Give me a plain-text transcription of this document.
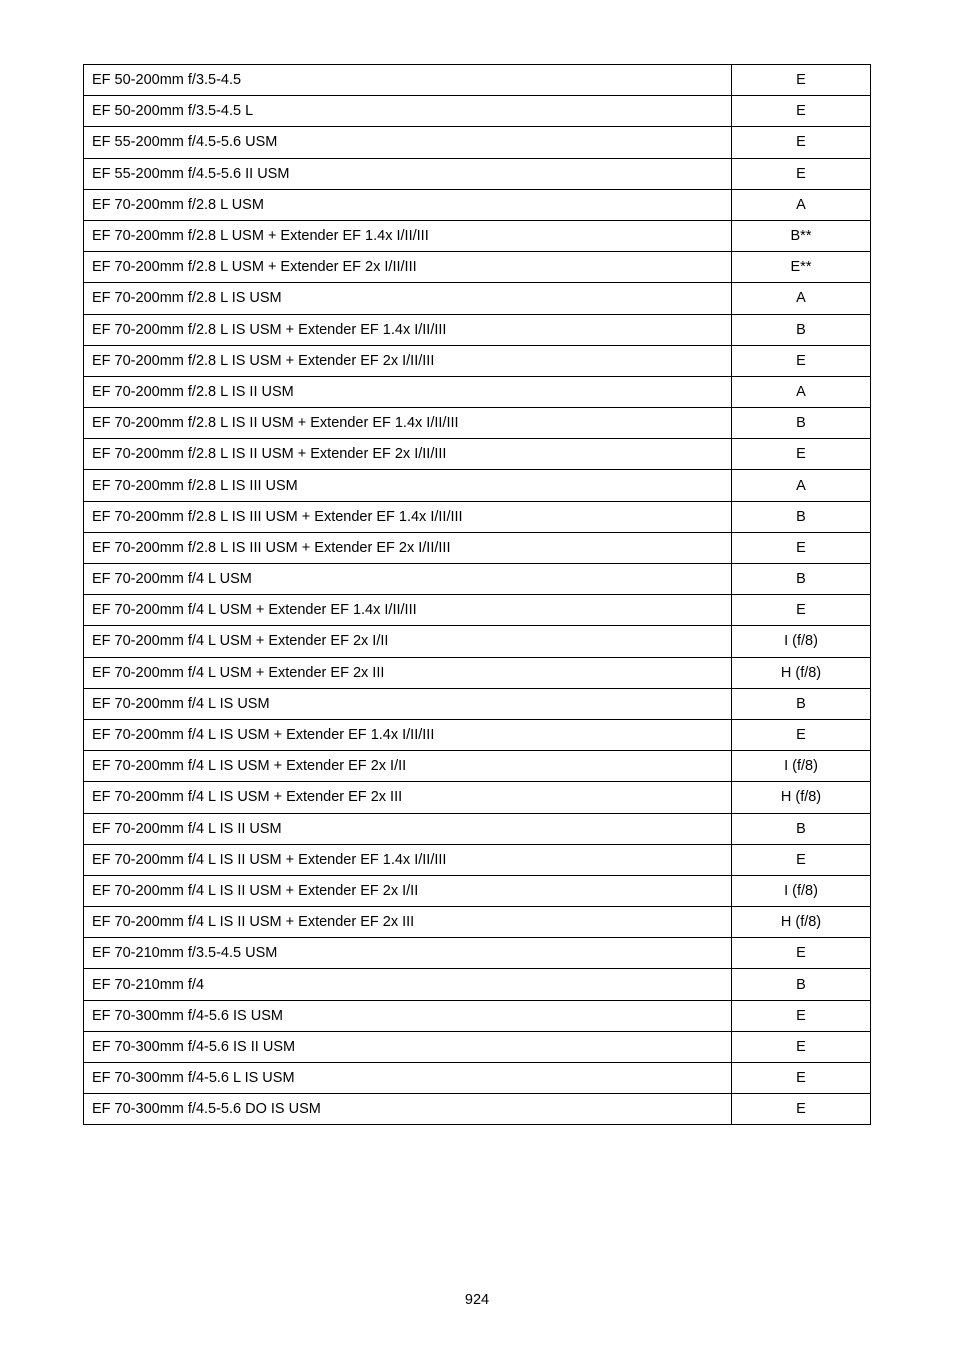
EF 50-200mm f/3.5-4.5	E
EF 50-200mm f/3.5-4.5 L	E
EF 55-200mm f/4.5-5.6 USM	E
EF 55-200mm f/4.5-5.6 II USM	E
EF 70-200mm f/2.8 L USM	A
EF 70-200mm f/2.8 L USM + Extender EF 1.4x I/II/III	B**
EF 70-200mm f/2.8 L USM + Extender EF 2x I/II/III	E**
EF 70-200mm f/2.8 L IS USM	A
EF 70-200mm f/2.8 L IS USM + Extender EF 1.4x I/II/III	B
EF 70-200mm f/2.8 L IS USM + Extender EF 2x I/II/III	E
EF 70-200mm f/2.8 L IS II USM	A
EF 70-200mm f/2.8 L IS II USM + Extender EF 1.4x I/II/III	B
EF 70-200mm f/2.8 L IS II USM + Extender EF 2x I/II/III	E
EF 70-200mm f/2.8 L IS III USM	A
EF 70-200mm f/2.8 L IS III USM + Extender EF 1.4x I/II/III	B
EF 70-200mm f/2.8 L IS III USM + Extender EF 2x I/II/III	E
EF 70-200mm f/4 L USM	B
EF 70-200mm f/4 L USM + Extender EF 1.4x I/II/III	E
EF 70-200mm f/4 L USM + Extender EF 2x I/II	I (f/8)
EF 70-200mm f/4 L USM + Extender EF 2x III	H (f/8)
EF 70-200mm f/4 L IS USM	B
EF 70-200mm f/4 L IS USM + Extender EF 1.4x I/II/III	E
EF 70-200mm f/4 L IS USM + Extender EF 2x I/II	I (f/8)
EF 70-200mm f/4 L IS USM + Extender EF 2x III	H (f/8)
EF 70-200mm f/4 L IS II USM	B
EF 70-200mm f/4 L IS II USM + Extender EF 1.4x I/II/III	E
EF 70-200mm f/4 L IS II USM + Extender EF 2x I/II	I (f/8)
EF 70-200mm f/4 L IS II USM + Extender EF 2x III	H (f/8)
EF 70-210mm f/3.5-4.5 USM	E
EF 70-210mm f/4	B
EF 70-300mm f/4-5.6 IS USM	E
EF 70-300mm f/4-5.6 IS II USM	E
EF 70-300mm f/4-5.6 L IS USM	E
EF 70-300mm f/4.5-5.6 DO IS USM	E
924
